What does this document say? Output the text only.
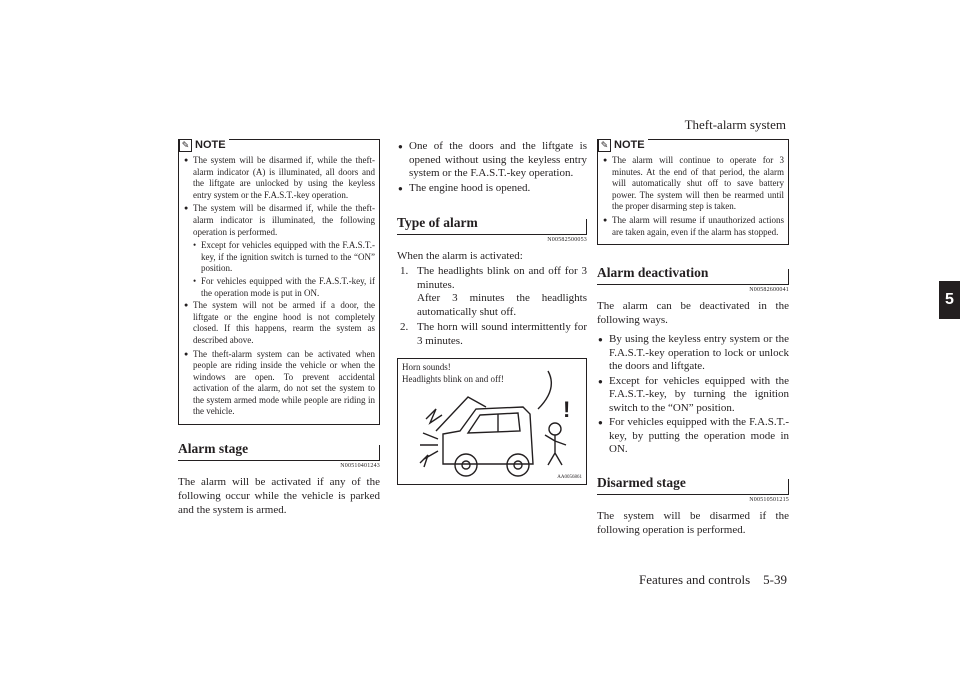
Theft-alarm system
5
Features and controls    5-39
✎ NOTE
● The system will be disarmed if, while the theft-alarm indicator (A) is illuminated, all doors and the liftgate are unlocked by using the keyless entry system or the F.A.S.T.-key operation.
● The system will be disarmed if, while the theft-alarm indicator is illuminated, the following operation is performed.
• Except for vehicles equipped with the F.A.S.T.-key, if the ignition switch is turned to the “ON” position.
• For vehicles equipped with the F.A.S.T.-key, if the operation mode is put in ON.
● The system will not be armed if a door, the liftgate or the engine hood is not completely closed. If this happens, rearm the system as described above.
● The theft-alarm system can be activated when people are riding inside the vehicle or when the windows are open. To prevent accidental activation of the alarm, do not set the system to the system armed mode while people are riding in the vehicle.
Alarm stage
N00510401243
The alarm will be activated if any of the following occur while the vehicle is parked and the system is armed.
● One of the doors and the liftgate is opened without using the keyless entry system or the F.A.S.T.-key operation.
● The engine hood is opened.
Type of alarm
N00582500053
When the alarm is activated:
1. The headlights blink on and off for 3 minutes.
After 3 minutes the headlights automatically shut off.
2. The horn will sound intermittently for 3 minutes.
Horn sounds!
Headlights blink on and off!
!
AA0056861
✎ NOTE
● The alarm will continue to operate for 3 minutes. At the end of that period, the alarm will automatically shut off to save battery power. The system will then be rearmed until the proper disarming step is taken.
● The alarm will resume if unauthorized actions are taken again, even if the alarm has stopped.
Alarm deactivation
N00582600041
The alarm can be deactivated in the following ways.
● By using the keyless entry system or the F.A.S.T.-key operation to lock or unlock the doors and liftgate.
● Except for vehicles equipped with the F.A.S.T.-key, by turning the ignition switch to the “ON” position.
● For vehicles equipped with the F.A.S.T.-key, by putting the operation mode in ON.
Disarmed stage
N00510501215
The system will be disarmed if the following operation is performed.
